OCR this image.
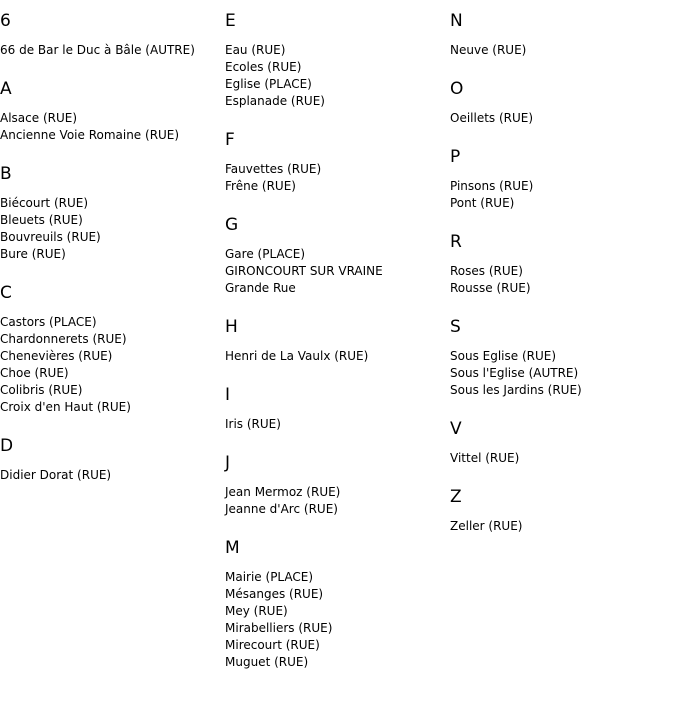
6
66 de Bar le Duc à Bâle (AUTRE)
A
Alsace (RUE)
Ancienne Voie Romaine (RUE)
B
Biécourt (RUE)
Bleuets (RUE)
Bouvreuils (RUE)
Bure (RUE)
C
Castors (PLACE)
Chardonnerets (RUE)
Chenevières (RUE)
Choe (RUE)
Colibris (RUE)
Croix d'en Haut (RUE)
D
Didier Dorat (RUE)
E
Eau (RUE)
Ecoles (RUE)
Eglise (PLACE)
Esplanade (RUE)
F
Fauvettes (RUE)
Frêne (RUE)
G
Gare (PLACE)
GIRONCOURT SUR VRAINE
Grande Rue
H
Henri de La Vaulx (RUE)
I
Iris (RUE)
J
Jean Mermoz (RUE)
Jeanne d'Arc (RUE)
M
Mairie (PLACE)
Mésanges (RUE)
Mey (RUE)
Mirabelliers (RUE)
Mirecourt (RUE)
Muguet (RUE)
N
Neuve (RUE)
O
Oeillets (RUE)
P
Pinsons (RUE)
Pont (RUE)
R
Roses (RUE)
Rousse (RUE)
S
Sous Eglise (RUE)
Sous l'Eglise (AUTRE)
Sous les Jardins (RUE)
V
Vittel (RUE)
Z
Zeller (RUE)
